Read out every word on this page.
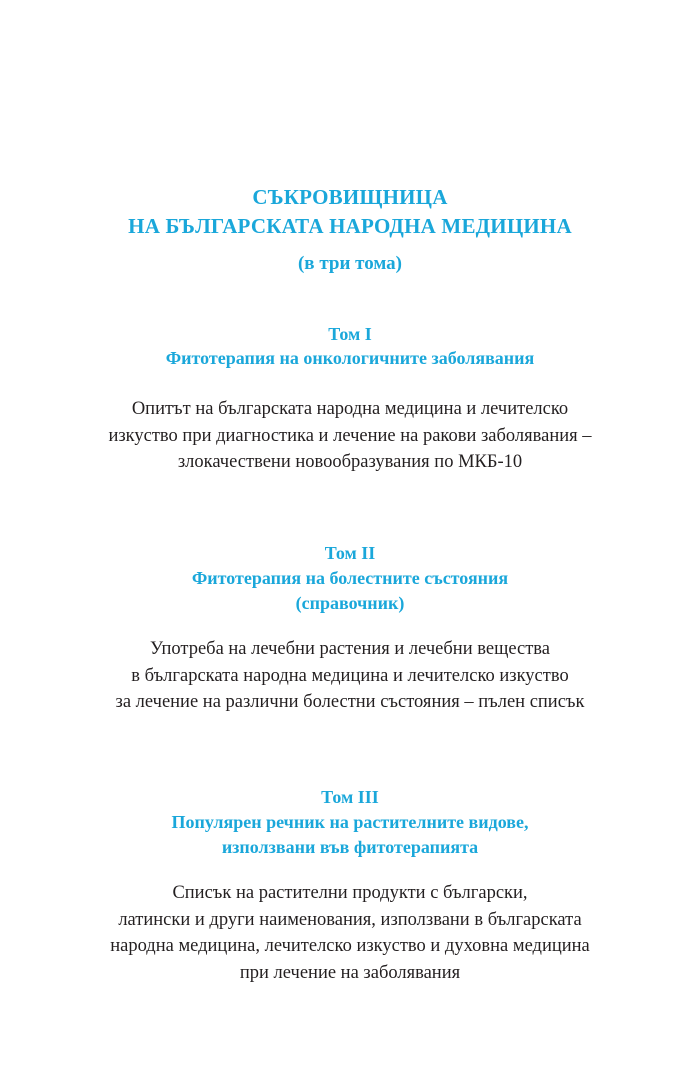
СЪКРОВИЩНИЦА
НА БЪЛГАРСКАТА НАРОДНА МЕДИЦИНА

(в три тома)

Том I

Фитотерапия на онкологичните заболявания

Опитът на българската народна медицина и лечителско
изкуство при диагностика и лечение на ракови заболявания –
злокачествени новообразувания по МКБ-10

Том II

Фитотерапия на болестните състояния
(справочник)

Употреба на лечебни растения и лечебни вещества
в българската народна медицина и лечителско изкуство
за лечение на различни болестни състояния – пълен списък

Том III

Популярен речник на растителните видове,
използвани във фитотерапията

Списък на растителни продукти с български,
латински и други наименования, използвани в българската
народна медицина, лечителско изкуство и духовна медицина
при лечение на заболявания
